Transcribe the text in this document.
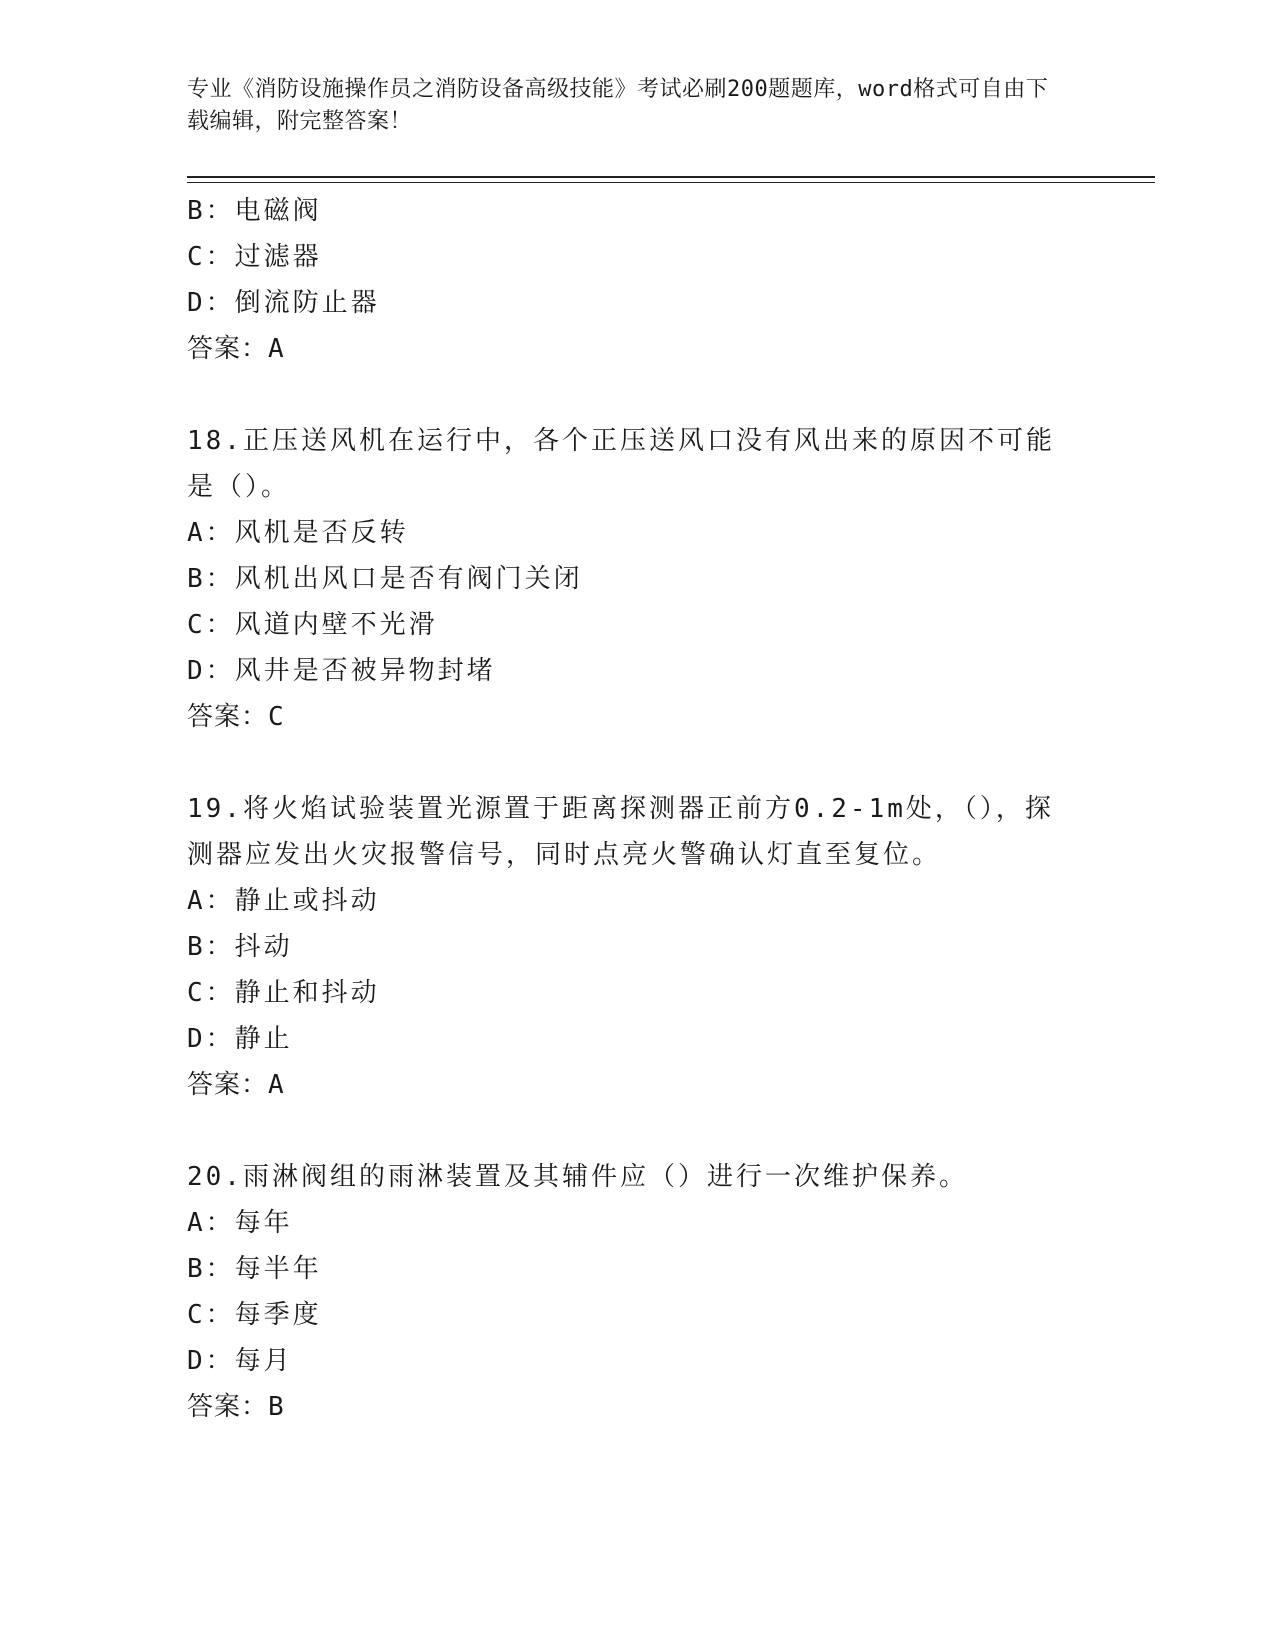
专业《消防设施操作员之消防设备高级技能》考试必刷200题题库，word格式可自由下载编辑，附完整答案！
B：电磁阀
C：过滤器
D：倒流防止器
答案：A
18.正压送风机在运行中，各个正压送风口没有风出来的原因不可能是（）。
A：风机是否反转
B：风机出风口是否有阀门关闭
C：风道内壁不光滑
D：风井是否被异物封堵
答案：C
19.将火焰试验装置光源置于距离探测器正前方0.2-1m处，（），探测器应发出火灾报警信号，同时点亮火警确认灯直至复位。
A：静止或抖动
B：抖动
C：静止和抖动
D：静止
答案：A
20.雨淋阀组的雨淋装置及其辅件应（）进行一次维护保养。
A：每年
B：每半年
C：每季度
D：每月
答案：B
